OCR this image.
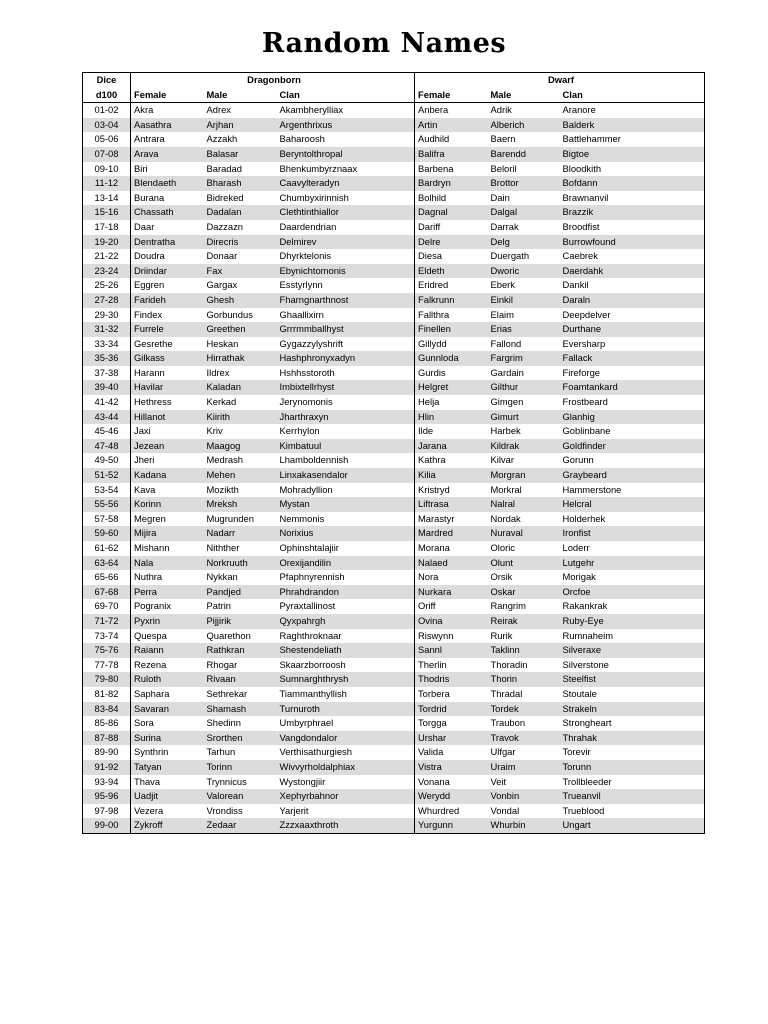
Random Names
Dice	Dragonborn			Dwarf		
d100	Female	Male	Clan	Female	Male	Clan
01-02	Akra	Adrex	Akambherylliax	Anbera	Adrik	Aranore
03-04	Aasathra	Arjhan	Argenthrixus	Artin	Alberich	Balderk
05-06	Antrara	Azzakh	Baharoosh	Audhild	Baern	Battlehammer
07-08	Arava	Balasar	Beryntolthropal	Balifra	Barendd	Bigtoe
09-10	Biri	Baradad	Bhenkumbyrznaax	Barbena	Beloril	Bloodkith
11-12	Blendaeth	Bharash	Caavylteradyn	Bardryn	Brottor	Bofdann
13-14	Burana	Bidreked	Chumbyxirinnish	Bolhild	Dain	Brawnanvil
15-16	Chassath	Dadalan	Clethtinthiallor	Dagnal	Dalgal	Brazzik
17-18	Daar	Dazzazn	Daardendrian	Dariff	Darrak	Broodfist
19-20	Dentratha	Direcris	Delmirev	Delre	Delg	Burrowfound
21-22	Doudra	Donaar	Dhyrktelonis	Diesa	Duergath	Caebrek
23-24	Driindar	Fax	Ebynichtomonis	Eldeth	Dworic	Daerdahk
25-26	Eggren	Gargax	Esstyrlynn	Eridred	Eberk	Dankil
27-28	Farideh	Ghesh	Fharngnarthnost	Falkrunn	Einkil	Daraln
29-30	Findex	Gorbundus	Ghaallixirn	Fallthra	Elaim	Deepdelver
31-32	Furrele	Greethen	Grrrmmballhyst	Finellen	Erias	Durthane
33-34	Gesrethe	Heskan	Gygazzylyshrift	Gillydd	Fallond	Eversharp
35-36	Gilkass	Hirrathak	Hashphronyxadyn	Gunnloda	Fargrim	Fallack
37-38	Harann	Ildrex	Hshhsstoroth	Gurdis	Gardain	Fireforge
39-40	Havilar	Kaladan	Imbixtellrhyst	Helgret	Gilthur	Foamtankard
41-42	Hethress	Kerkad	Jerynomonis	Helja	Gimgen	Frostbeard
43-44	Hillanot	Kiirith	Jharthraxyn	Hlin	Gimurt	Glanhig
45-46	Jaxi	Kriv	Kerrhylon	Ilde	Harbek	Goblinbane
47-48	Jezean	Maagog	Kimbatuul	Jarana	Kildrak	Goldfinder
49-50	Jheri	Medrash	Lhamboldennish	Kathra	Kilvar	Gorunn
51-52	Kadana	Mehen	Linxakasendalor	Kilia	Morgran	Graybeard
53-54	Kava	Mozikth	Mohradyllion	Kristryd	Morkral	Hammerstone
55-56	Korinn	Mreksh	Mystan	Liftrasa	Nalral	Helcral
57-58	Megren	Mugrunden	Nemmonis	Marastyr	Nordak	Holderhek
59-60	Mijira	Nadarr	Norixius	Mardred	Nuraval	Ironfist
61-62	Mishann	Nithther	Ophinshtalajiir	Morana	Oloric	Loderr
63-64	Nala	Norkruuth	Orexijandilin	Nalaed	Olunt	Lutgehr
65-66	Nuthra	Nykkan	Pfaphnyrennish	Nora	Orsik	Morigak
67-68	Perra	Pandjed	Phrahdrandon	Nurkara	Oskar	Orcfoe
69-70	Pogranix	Patrin	Pyraxtallinost	Oriff	Rangrim	Rakankrak
71-72	Pyxrin	Pijjirik	Qyxpahrgh	Ovina	Reirak	Ruby-Eye
73-74	Quespa	Quarethon	Raghthroknaar	Riswynn	Rurik	Rumnaheim
75-76	Raiann	Rathkran	Shestendeliath	Sannl	Taklinn	Silveraxe
77-78	Rezena	Rhogar	Skaarzborroosh	Therlin	Thoradin	Silverstone
79-80	Ruloth	Rivaan	Sumnarghthrysh	Thodris	Thorin	Steelfist
81-82	Saphara	Sethrekar	Tiammanthyllish	Torbera	Thradal	Stoutale
83-84	Savaran	Shamash	Turnuroth	Tordrid	Tordek	Strakeln
85-86	Sora	Shedinn	Umbyrphrael	Torgga	Traubon	Strongheart
87-88	Surina	Srorthen	Vangdondalor	Urshar	Travok	Thrahak
89-90	Synthrin	Tarhun	Verthisathurgiesh	Valida	Ulfgar	Torevir
91-92	Tatyan	Torinn	Wivvyrholdalphiax	Vistra	Uraim	Torunn
93-94	Thava	Trynnicus	Wystongjiir	Vonana	Veit	Trollbleeder
95-96	Uadjit	Valorean	Xephyrbahnor	Werydd	Vonbin	Trueanvil
97-98	Vezera	Vrondiss	Yarjerit	Whurdred	Vondal	Trueblood
99-00	Zykroff	Zedaar	Zzzxaaxthroth	Yurgunn	Whurbin	Ungart
